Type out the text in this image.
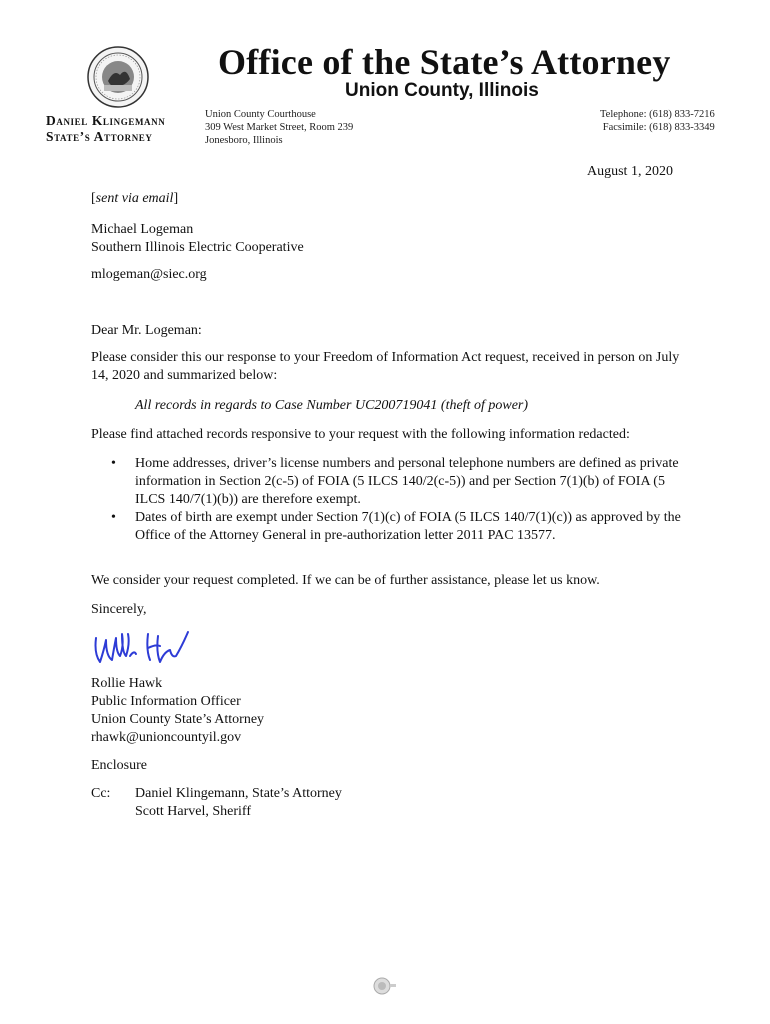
Office of the State’s Attorney
Union County, Illinois
Daniel Klingemann
State’s Attorney
Union County Courthouse
309 West Market Street, Room 239
Jonesboro, Illinois
Telephone: (618) 833-7216
Facsimile: (618) 833-3349
August 1, 2020
[sent via email]
Michael Logeman
Southern Illinois Electric Cooperative
mlogeman@siec.org
Dear Mr. Logeman:
Please consider this our response to your Freedom of Information Act request, received in person on July 14, 2020 and summarized below:
All records in regards to Case Number UC200719041 (theft of power)
Please find attached records responsive to your request with the following information redacted:
• Home addresses, driver’s license numbers and personal telephone numbers are defined as private information in Section 2(c-5) of FOIA (5 ILCS 140/2(c-5)) and per Section 7(1)(b) of FOIA (5 ILCS 140/7(1)(b)) are therefore exempt.
• Dates of birth are exempt under Section 7(1)(c) of FOIA (5 ILCS 140/7(1)(c)) as approved by the Office of the Attorney General in pre-authorization letter 2011 PAC 13577.
We consider your request completed. If we can be of further assistance, please let us know.
Sincerely,
Rollie Hawk
Public Information Officer
Union County State’s Attorney
rhawk@unioncountyil.gov
Enclosure
Cc: Daniel Klingemann, State’s Attorney
Scott Harvel, Sheriff
